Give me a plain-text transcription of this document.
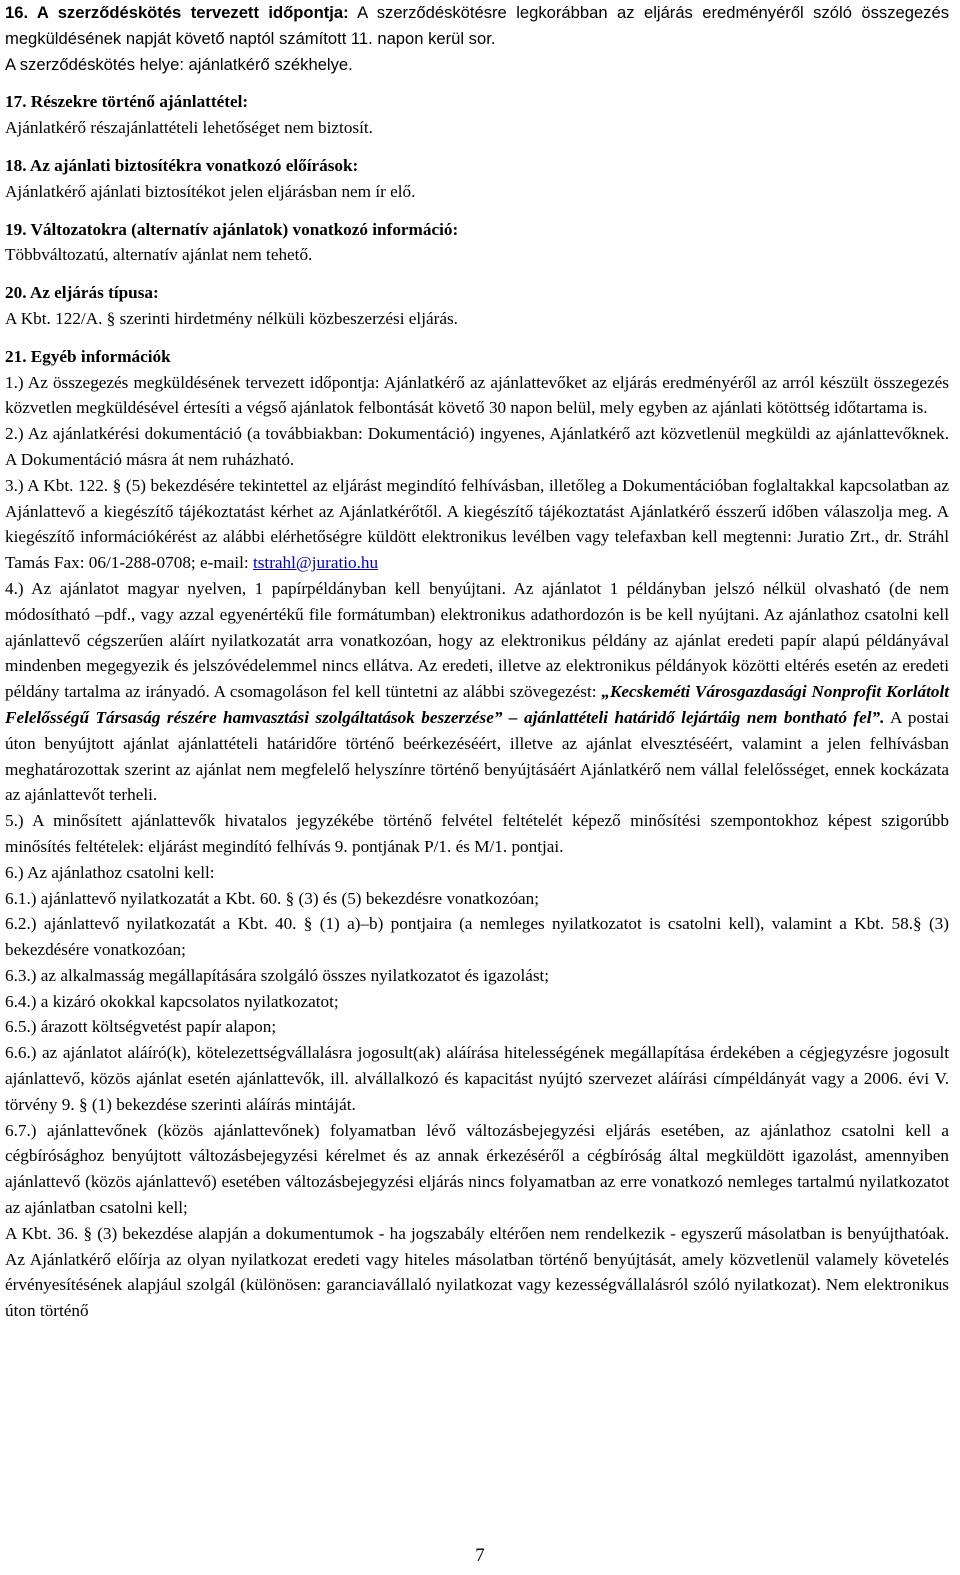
16. A szerződéskötés tervezett időpontja: A szerződéskötésre legkorábban az eljárás eredményéről szóló összegezés megküldésének napját követő naptól számított 11. napon kerül sor.

A szerződéskötés helye: ajánlatkérő székhelye.

17. Részekre történő ajánlattétel:

Ajánlatkérő részajánlattételi lehetőséget nem biztosít.

18. Az ajánlati biztosítékra vonatkozó előírások:

Ajánlatkérő ajánlati biztosítékot jelen eljárásban nem ír elő.

19. Változatokra (alternatív ajánlatok) vonatkozó információ:

Többváltozatú, alternatív ajánlat nem tehető.

20. Az eljárás típusa:

A Kbt. 122/A. § szerinti hirdetmény nélküli közbeszerzési eljárás.

21. Egyéb információk

1.) Az összegezés megküldésének tervezett időpontja: Ajánlatkérő az ajánlattevőket az eljárás eredményéről az arról készült összegezés közvetlen megküldésével értesíti a végső ajánlatok felbontását követő 30 napon belül, mely egyben az ajánlati kötöttség időtartama is.

2.) Az ajánlatkérési dokumentáció (a továbbiakban: Dokumentáció) ingyenes, Ajánlatkérő azt közvetlenül megküldi az ajánlattevőknek. A Dokumentáció másra át nem ruházható.

3.) A Kbt. 122. § (5) bekezdésére tekintettel az eljárást megindító felhívásban, illetőleg a Dokumentációban foglaltakkal kapcsolatban az Ajánlattevő a kiegészítő tájékoztatást kérhet az Ajánlatkérőtől. A kiegészítő tájékoztatást Ajánlatkérő ésszerű időben válaszolja meg. A kiegészítő információkérést az alábbi elérhetőségre küldött elektronikus levélben vagy telefaxban kell megtenni: Juratio Zrt., dr. Stráhl Tamás Fax: 06/1-288-0708; e-mail: tstrahl@juratio.hu

4.) Az ajánlatot magyar nyelven, 1 papírpéldányban kell benyújtani. Az ajánlatot 1 példányban jelszó nélkül olvasható (de nem módosítható –pdf., vagy azzal egyenértékű file formátumban) elektronikus adathordozón is be kell nyújtani. Az ajánlathoz csatolni kell ajánlattevő cégszerűen aláírt nyilatkozatát arra vonatkozóan, hogy az elektronikus példány az ajánlat eredeti papír alapú példányával mindenben megegyezik és jelszóvédelemmel nincs ellátva. Az eredeti, illetve az elektronikus példányok közötti eltérés esetén az eredeti példány tartalma az irányadó. A csomagoláson fel kell tüntetni az alábbi szövegezést: „Kecskeméti Városgazdasági Nonprofit Korlátolt Felelősségű Társaság részére hamvasztási szolgáltatások beszerzése” – ajánlattételi határidő lejártáig nem bontható fel”. A postai úton benyújtott ajánlat ajánlattételi határidőre történő beérkezéséért, illetve az ajánlat elvesztéséért, valamint a jelen felhívásban meghatározottak szerint az ajánlat nem megfelelő helyszínre történő benyújtásáért Ajánlatkérő nem vállal felelősséget, ennek kockázata az ajánlattevőt terheli.

5.) A minősített ajánlattevők hivatalos jegyzékébe történő felvétel feltételét képező minősítési szempontokhoz képest szigorúbb minősítés feltételek: eljárást megindító felhívás 9. pontjának P/1. és M/1. pontjai.

6.) Az ajánlathoz csatolni kell:

6.1.) ajánlattevő nyilatkozatát a Kbt. 60. § (3) és (5) bekezdésre vonatkozóan;

6.2.) ajánlattevő nyilatkozatát a Kbt. 40. § (1) a)–b) pontjaira (a nemleges nyilatkozatot is csatolni kell), valamint a Kbt. 58.§ (3) bekezdésére vonatkozóan;

6.3.) az alkalmasság megállapítására szolgáló összes nyilatkozatot és igazolást;

6.4.) a kizáró okokkal kapcsolatos nyilatkozatot;

6.5.) árazott költségvetést papír alapon;

6.6.) az ajánlatot aláíró(k), kötelezettségvállalásra jogosult(ak) aláírása hitelességének megállapítása érdekében a cégjegyzésre jogosult ajánlattevő, közös ajánlat esetén ajánlattevők, ill. alvállalkozó és kapacitást nyújtó szervezet aláírási címpéldányát vagy a 2006. évi V. törvény 9. § (1) bekezdése szerinti aláírás mintáját.

6.7.) ajánlattevőnek (közös ajánlattevőnek) folyamatban lévő változásbejegyzési eljárás esetében, az ajánlathoz csatolni kell a cégbírósághoz benyújtott változásbejegyzési kérelmet és az annak érkezéséről a cégbíróság által megküldött igazolást, amennyiben ajánlattevő (közös ajánlattevő) esetében változásbejegyzési eljárás nincs folyamatban az erre vonatkozó nemleges tartalmú nyilatkozatot az ajánlatban csatolni kell;

A Kbt. 36. § (3) bekezdése alapján a dokumentumok - ha jogszabály eltérően nem rendelkezik - egyszerű másolatban is benyújthatóak. Az Ajánlatkérő előírja az olyan nyilatkozat eredeti vagy hiteles másolatban történő benyújtását, amely közvetlenül valamely követelés érvényesítésének alapjául szolgál (különösen: garanciavállaló nyilatkozat vagy kezességvállalásról szóló nyilatkozat). Nem elektronikus úton történő

7
